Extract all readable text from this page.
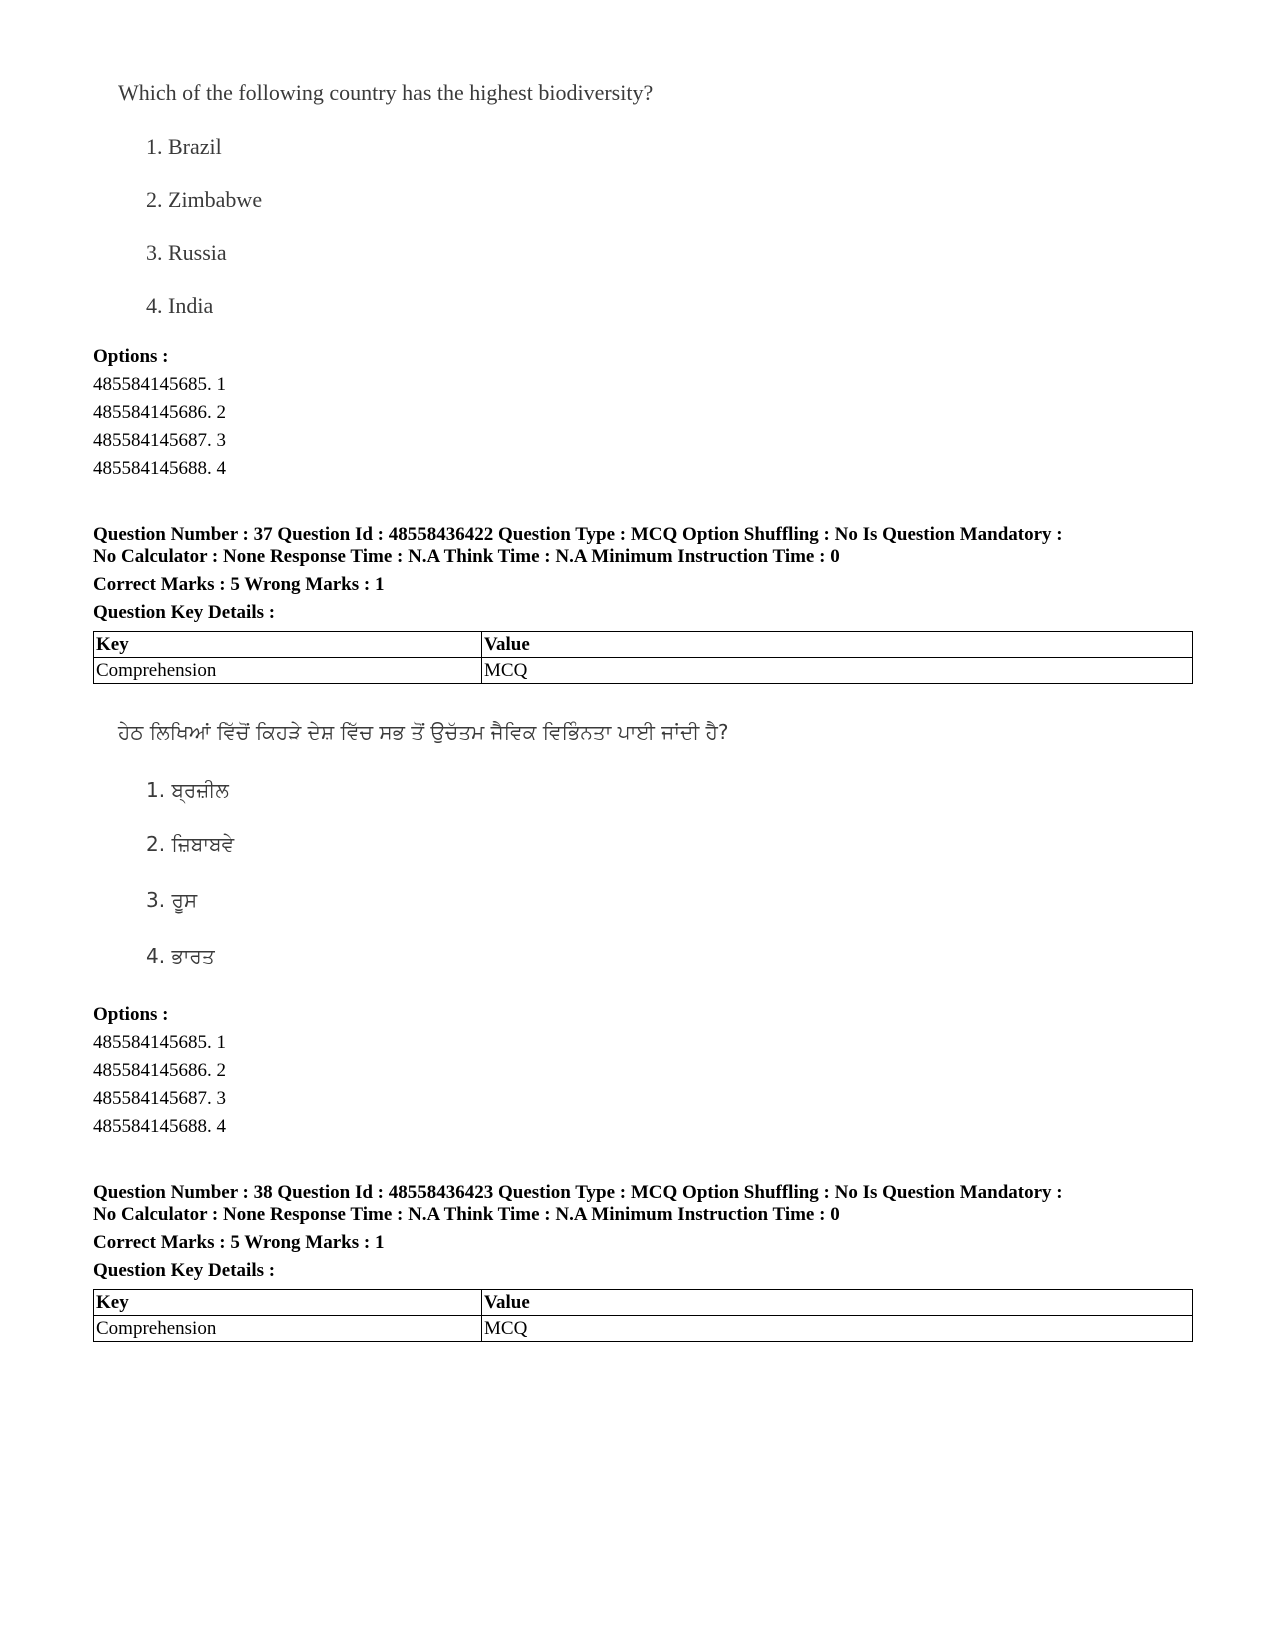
Which of the following country has the highest biodiversity?
1. Brazil
2. Zimbabwe
3. Russia
4. India
Options :
485584145685. 1
485584145686. 2
485584145687. 3
485584145688. 4
Question Number : 37 Question Id : 48558436422 Question Type : MCQ Option Shuffling : No Is Question Mandatory :
No Calculator : None Response Time : N.A Think Time : N.A Minimum Instruction Time : 0
Correct Marks : 5 Wrong Marks : 1
Question Key Details :
Key	Value
Comprehension	MCQ
ਹੇਠ ਲਿਖਿਆਂ ਵਿੱਚੋਂ ਕਿਹੜੇ ਦੇਸ਼ ਵਿੱਚ ਸਭ ਤੋਂ ਉਚੱਤਮ ਜੈਵਿਕ ਵਿਭਿੰਨਤਾ ਪਾਈ ਜਾਂਦੀ ਹੈ?
1. ਬ੍ਰਜ਼ੀਲ
2. ਜ਼ਿਬਾਬਵੇ
3. ਰੂਸ
4. ਭਾਰਤ
Options :
485584145685. 1
485584145686. 2
485584145687. 3
485584145688. 4
Question Number : 38 Question Id : 48558436423 Question Type : MCQ Option Shuffling : No Is Question Mandatory :
No Calculator : None Response Time : N.A Think Time : N.A Minimum Instruction Time : 0
Correct Marks : 5 Wrong Marks : 1
Question Key Details :
Key	Value
Comprehension	MCQ
